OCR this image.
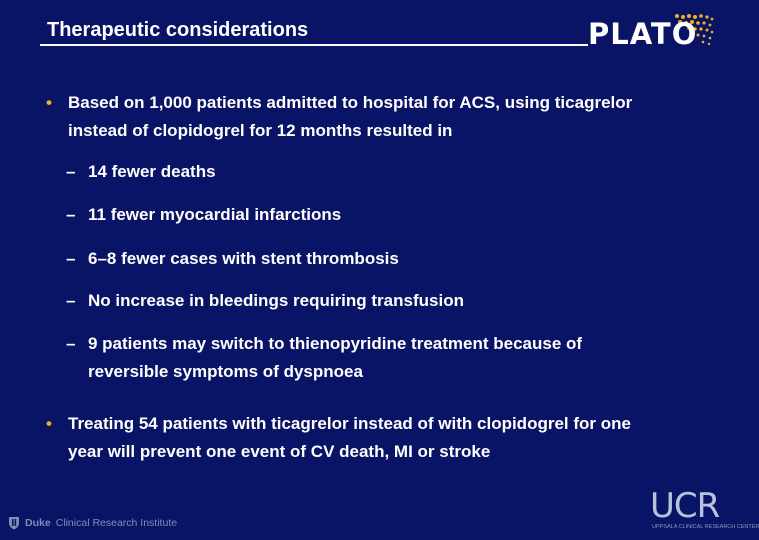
Therapeutic considerations	PLATO
• Based on 1,000 patients admitted to hospital for ACS, using ticagrelor instead of clopidogrel for 12 months resulted in
– 14 fewer deaths
– 11 fewer myocardial infarctions
– 6–8 fewer cases with stent thrombosis
– No increase in bleedings requiring transfusion
– 9 patients may switch to thienopyridine treatment because of reversible symptoms of dyspnoea
• Treating 54 patients with ticagrelor instead of with clopidogrel for one year will prevent one event of CV death, MI or stroke
Duke Clinical Research Institute	UCR
UPPSALA CLINICAL RESEARCH CENTER
